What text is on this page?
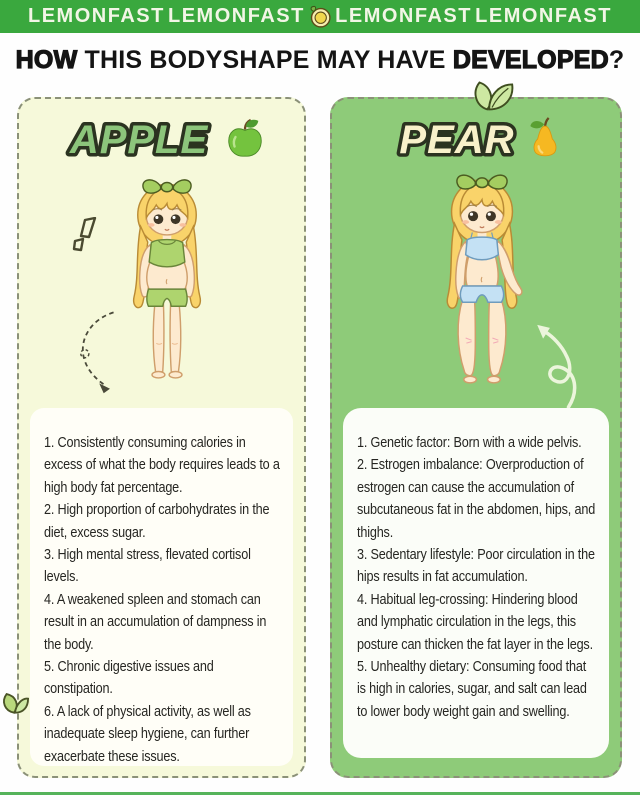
LEMONFAST LEMONFAST LEMONFAST LEMONFAST
HOW THIS BODYSHAPE MAY HAVE DEVELOPED?
APPLE
1. Consistently consuming calories in excess of what the body requires leads to a high body fat percentage.
2. High proportion of carbohydrates in the diet, excess sugar.
3. High mental stress, flevated cortisol levels.
4. A weakened spleen and stomach can result in an accumulation of dampness in the body.
5. Chronic digestive issues and constipation.
6. A lack of physical activity, as well as inadequate sleep hygiene, can further exacerbate these issues.
PEAR
1. Genetic factor: Born with a wide pelvis.
2. Estrogen imbalance: Overproduction of estrogen can cause the accumulation of subcutaneous fat in the abdomen, hips, and thighs.
3. Sedentary lifestyle: Poor circulation in the hips results in fat accumulation.
4. Habitual leg-crossing: Hindering blood and lymphatic circulation in the legs, this posture can thicken the fat layer in the legs.
5. Unhealthy dietary: Consuming food that is high in calories, sugar, and salt can lead to lower body weight gain and swelling.
